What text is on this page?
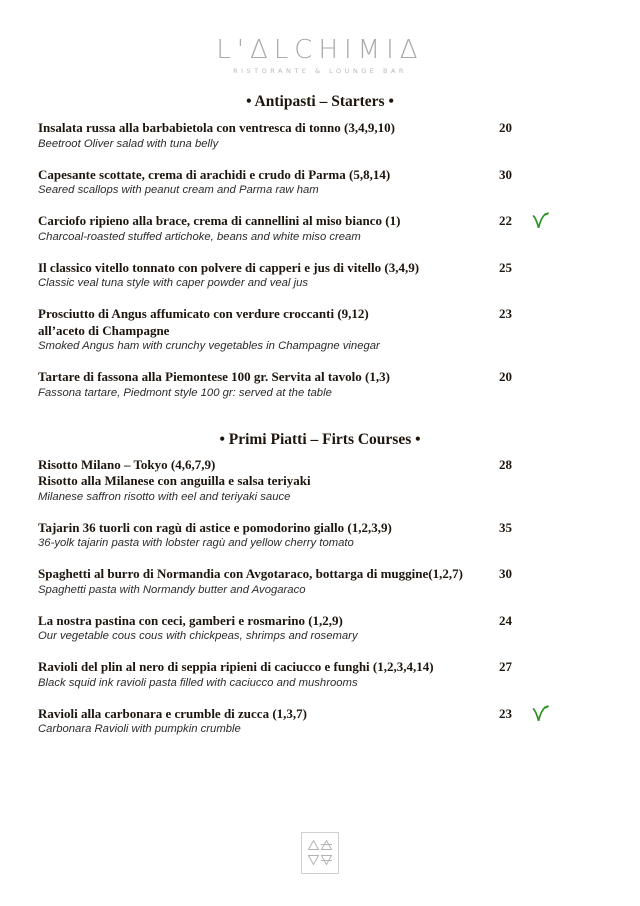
L'ΔLCHIMIΔ
RISTORANTE & LOUNGE BAR
• Antipasti – Starters •
Insalata russa alla barbabietola con ventresca di tonno (3,4,9,10)
Beetroot Oliver salad with tuna belly
20
Capesante scottate, crema di arachidi e crudo di Parma (5,8,14)
Seared scallops with peanut cream and Parma raw ham
30
Carciofo ripieno alla brace, crema di cannellini al miso bianco (1)
Charcoal-roasted stuffed artichoke, beans and white miso cream
22
Il classico vitello tonnato con polvere di capperi e jus di vitello (3,4,9)
Classic veal tuna style with caper powder and veal jus
25
Prosciutto di Angus affumicato con verdure croccanti (9,12)
all’aceto di Champagne
Smoked Angus ham with crunchy vegetables in Champagne vinegar
23
Tartare di fassona alla Piemontese 100 gr. Servita al tavolo (1,3)
Fassona tartare, Piedmont style 100 gr: served at the table
20
• Primi Piatti – Firts Courses •
Risotto Milano – Tokyo (4,6,7,9)
Risotto alla Milanese con anguilla e salsa teriyaki
Milanese saffron risotto with eel and teriyaki sauce
28
Tajarin 36 tuorli con ragù di astice e pomodorino giallo (1,2,3,9)
36-yolk tajarin pasta with lobster ragù and yellow cherry tomato
35
Spaghetti al burro di Normandia con Avgotaraco, bottarga di muggine(1,2,7)
Spaghetti pasta with Normandy butter and Avogaraco
30
La nostra pastina con ceci, gamberi e rosmarino (1,2,9)
Our vegetable cous cous with chickpeas, shrimps and rosemary
24
Ravioli del plin al nero di seppia ripieni di caciucco e funghi (1,2,3,4,14)
Black squid ink ravioli pasta filled with caciucco and mushrooms
27
Ravioli alla carbonara e crumble di zucca (1,3,7)
Carbonara Ravioli with pumpkin crumble
23
